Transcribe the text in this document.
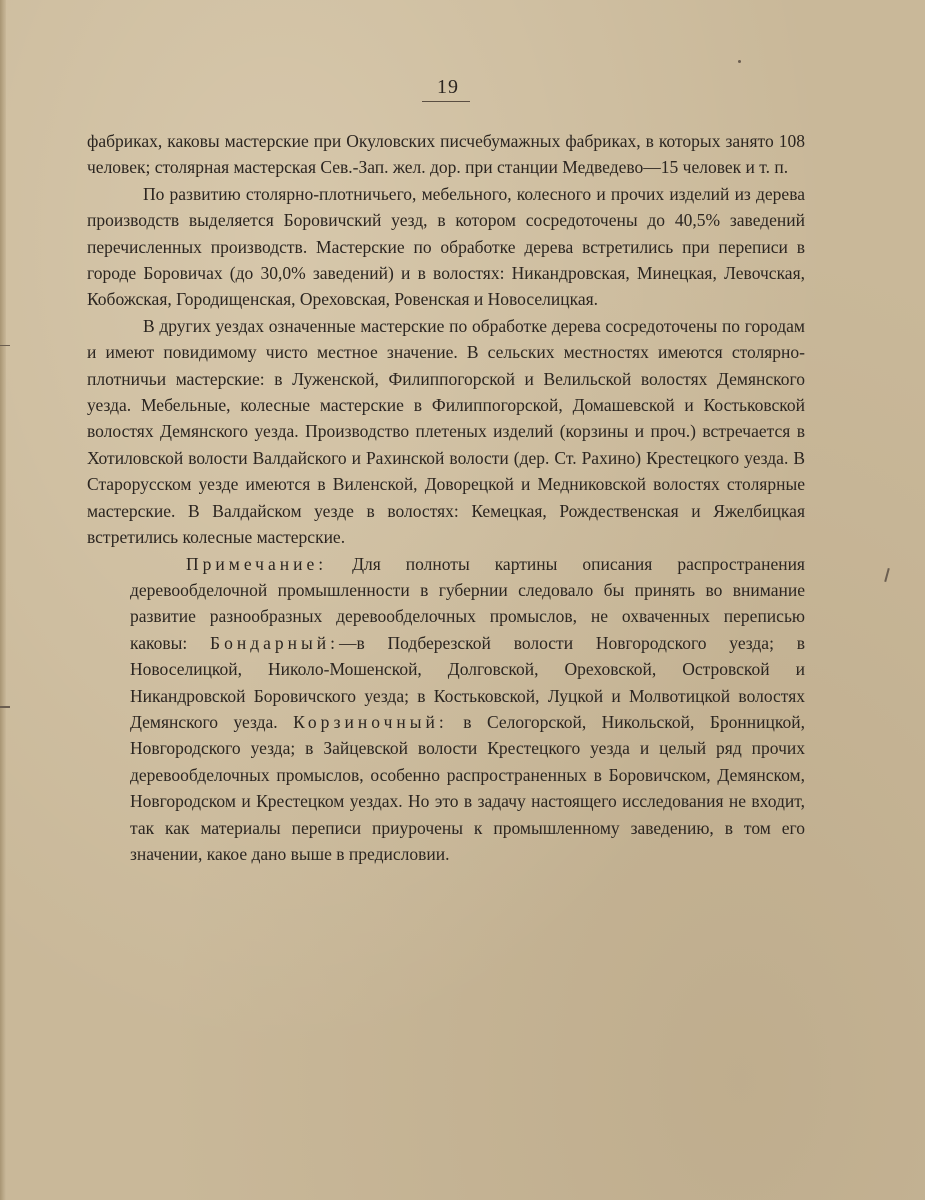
19

фабриках, каковы мастерские при Окуловских писчебумажных фабриках, в которых занято 108 человек; столярная мастерская Сев.-Зап. жел. дор. при станции Медведево—15 человек и т. п.

По развитию столярно-плотничьего, мебельного, колесного и прочих изделий из дерева производств выделяется Боровичский уезд, в котором сосредоточены до 40,5% заведений перечисленных производств. Мастерские по обработке дерева встретились при переписи в городе Боровичах (до 30,0% заведений) и в волостях: Никандровская, Минецкая, Левочская, Кобожская, Городищенская, Ореховская, Ровенская и Новоселицкая.

В других уездах означенные мастерские по обработке дерева сосредоточены по городам и имеют повидимому чисто местное значение. В сельских местностях имеются столярно-плотничьи мастерские: в Луженской, Филиппогорской и Велильской волостях Демянского уезда. Мебельные, колесные мастерские в Филиппогорской, Домашевской и Костьковской волостях Демянского уезда. Производство плетеных изделий (корзины и проч.) встречается в Хотиловской волости Валдайского и Рахинской волости (дер. Ст. Рахино) Крестецкого уезда. В Старорусском уезде имеются в Виленской, Доворецкой и Медниковской волостях столярные мастерские. В Валдайском уезде в волостях: Кемецкая, Рождественская и Яжелбицкая встретились колесные мастерские.

Примечание: Для полноты картины описания распространения деревообделочной промышленности в губернии следовало бы принять во внимание развитие разнообразных деревообделочных промыслов, не охваченных переписью каковы: Бондарный:—в Подберезской волости Новгородского уезда; в Новоселицкой, Николо-Мошенской, Долговской, Ореховской, Островской и Никандровской Боровичского уезда; в Костьковской, Луцкой и Молвотицкой волостях Демянского уезда. Корзиночный: в Селогорской, Никольской, Бронницкой, Новгородского уезда; в Зайцевской волости Крестецкого уезда и целый ряд прочих деревообделочных промыслов, особенно распространенных в Боровичском, Демянском, Новгородском и Крестецком уездах. Но это в задачу настоящего исследования не входит, так как материалы переписи приурочены к промышленному заведению, в том его значении, какое дано выше в предисловии.
